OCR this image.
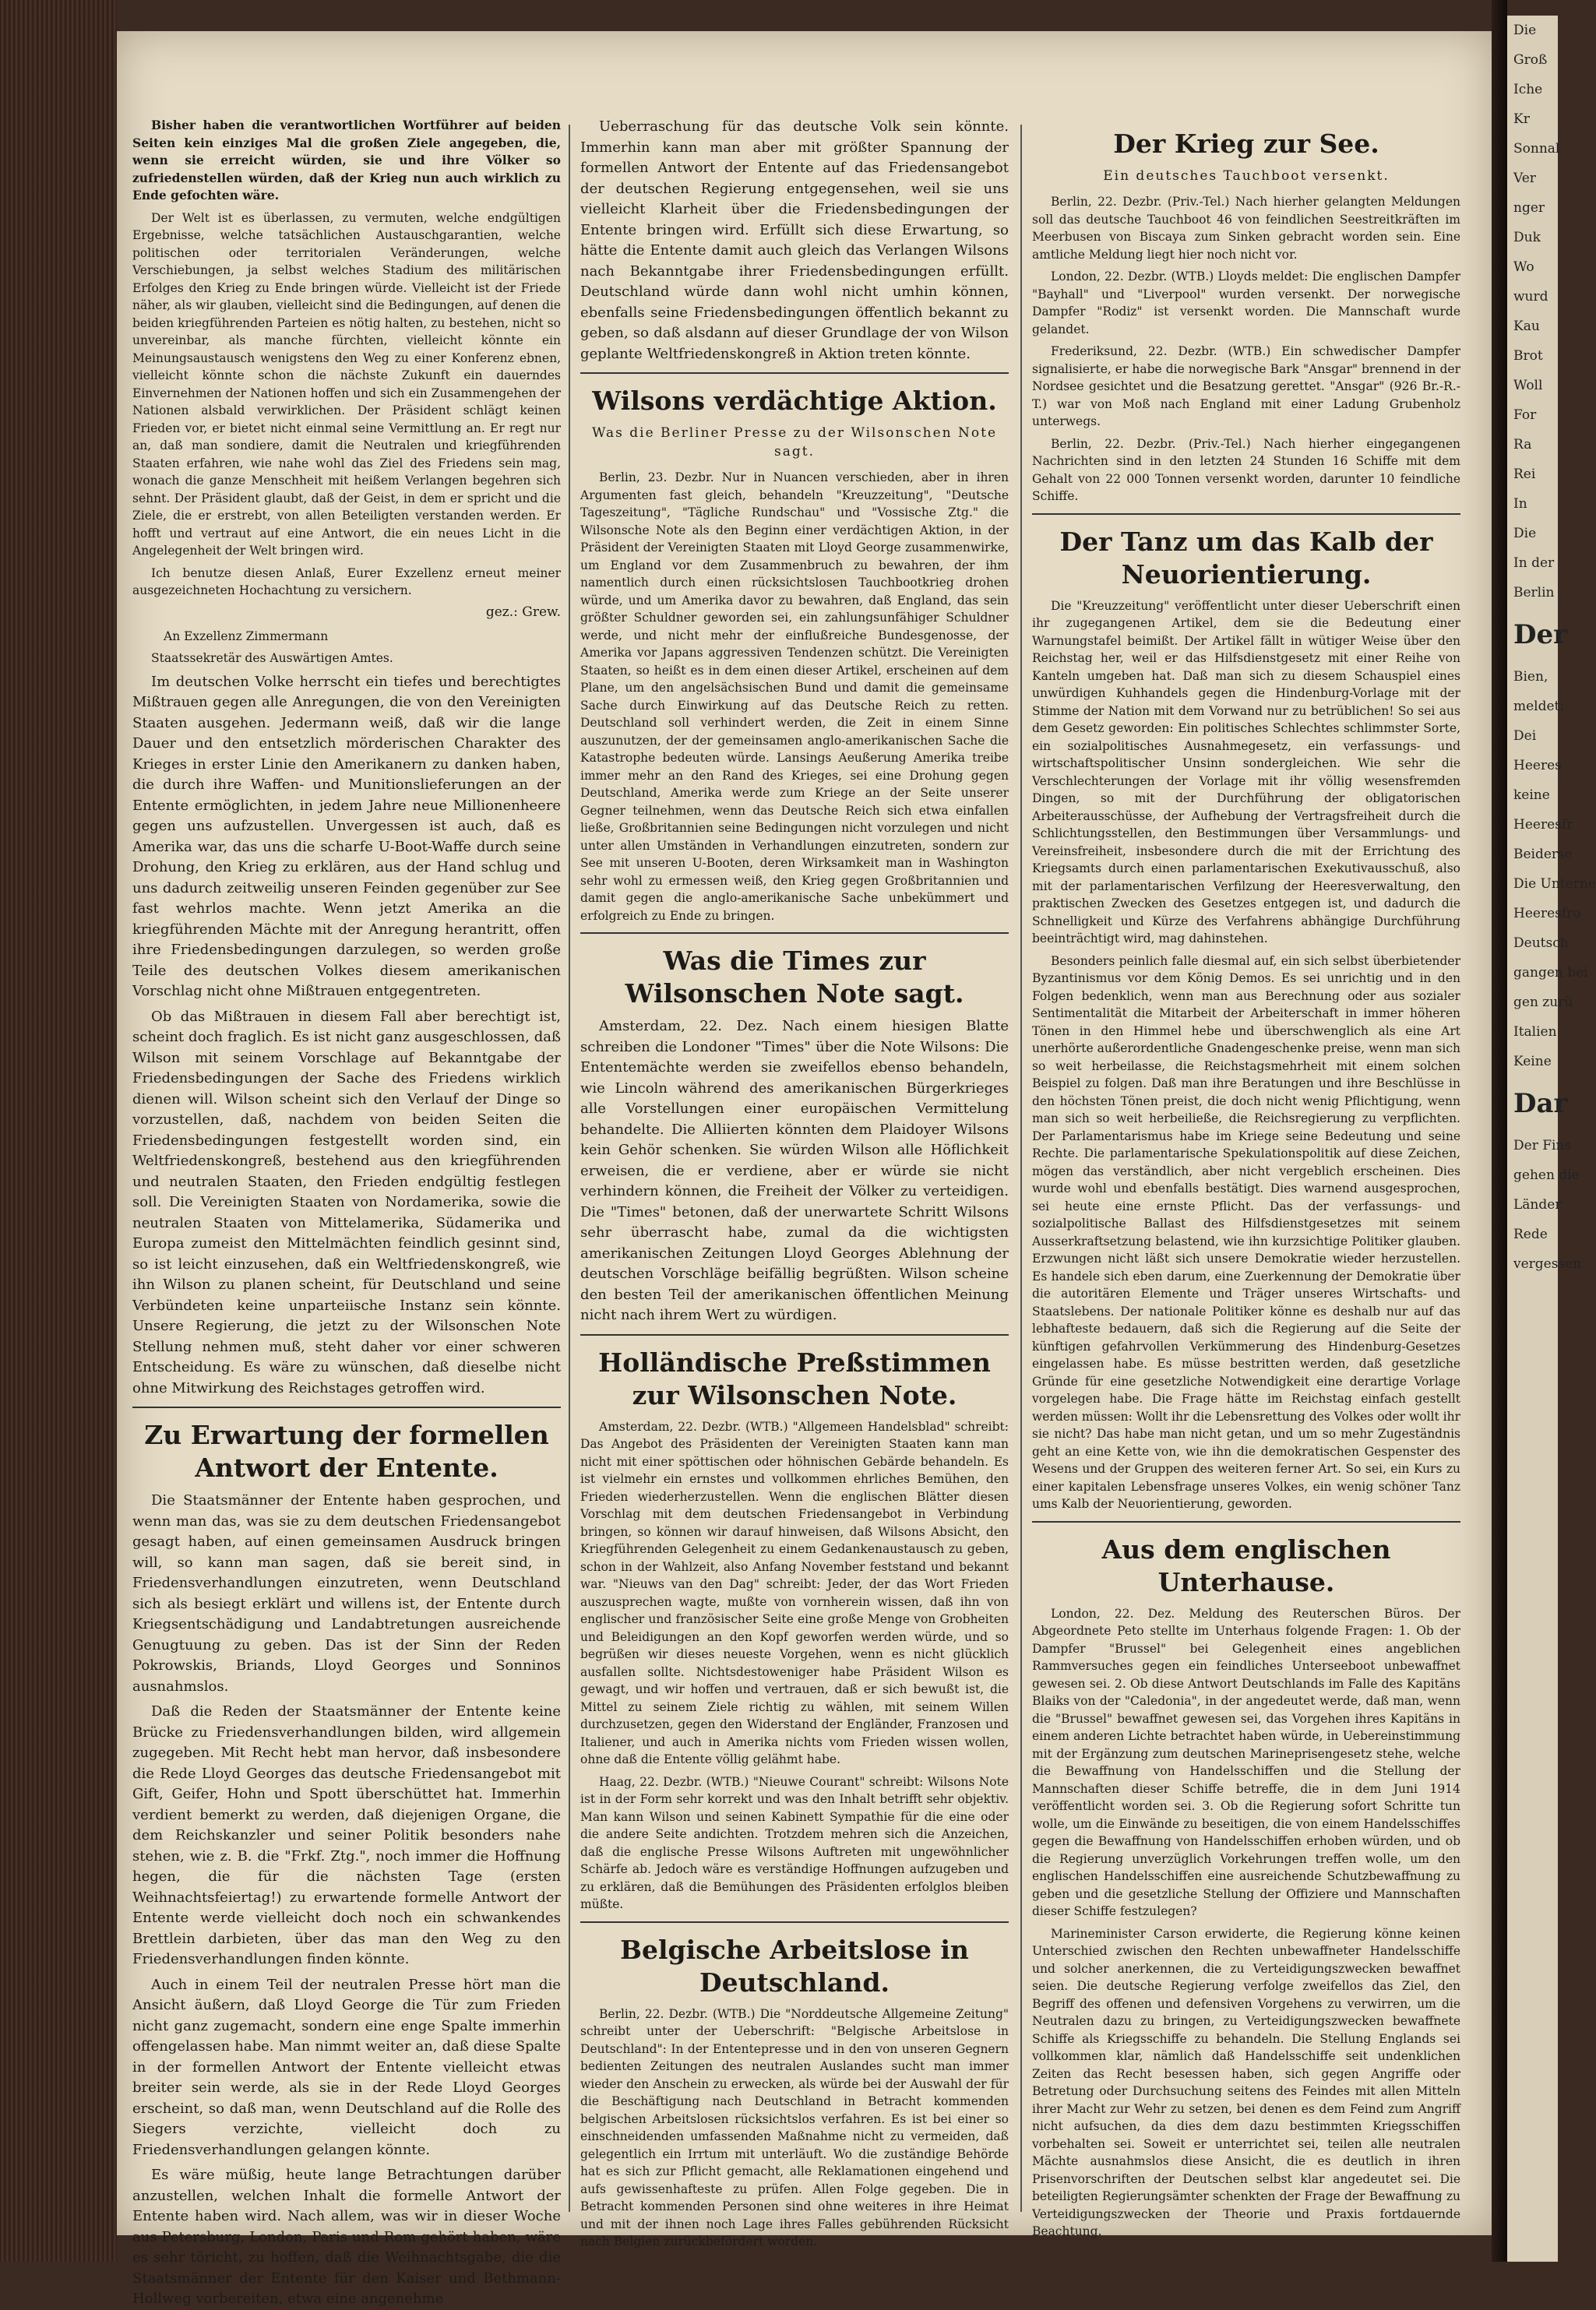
Bisher haben die verantwortlichen Wortführer auf beiden Seiten kein einziges Mal die großen Ziele angegeben, die, wenn sie erreicht würden, sie und ihre Völker so zufriedenstellen würden, daß der Krieg nun auch wirklich zu Ende gefochten wäre.

Der Welt ist es überlassen, zu vermuten, welche endgültigen Ergebnisse, welche tatsächlichen Austauschgarantien, welche politischen oder territorialen Veränderungen, welche Verschiebungen, ja selbst welches Stadium des militärischen Erfolges den Krieg zu Ende bringen würde. Vielleicht ist der Friede näher, als wir glauben, vielleicht sind die Bedingungen, auf denen die beiden kriegführenden Parteien es nötig halten, zu bestehen, nicht so unvereinbar, als manche fürchten, vielleicht könnte ein Meinungsaustausch wenigstens den Weg zu einer Konferenz ebnen, vielleicht könnte schon die nächste Zukunft ein dauerndes Einvernehmen der Nationen hoffen und sich ein Zusammengehen der Nationen alsbald verwirklichen. Der Präsident schlägt keinen Frieden vor, er bietet nicht einmal seine Vermittlung an. Er regt nur an, daß man sondiere, damit die Neutralen und kriegführenden Staaten erfahren, wie nahe wohl das Ziel des Friedens sein mag, wonach die ganze Menschheit mit heißem Verlangen begehren sich sehnt. Der Präsident glaubt, daß der Geist, in dem er spricht und die Ziele, die er erstrebt, von allen Beteiligten verstanden werden. Er hofft und vertraut auf eine Antwort, die ein neues Licht in die Angelegenheit der Welt bringen wird.

Ich benutze diesen Anlaß, Eurer Exzellenz erneut meiner ausgezeichneten Hochachtung zu versichern.

gez.: Grew.
An Exzellenz Zimmermann
Staatssekretär des Auswärtigen Amtes.

Im deutschen Volke herrscht ein tiefes und berechtigtes Mißtrauen gegen alle Anregungen, die von den Vereinigten Staaten ausgehen. Jedermann weiß, daß wir die lange Dauer und den entsetzlich mörderischen Charakter des Krieges in erster Linie den Amerikanern zu danken haben, die durch ihre Waffen- und Munitionslieferungen an der Entente ermöglichten, in jedem Jahre neue Millionenheere gegen uns aufzustellen. Unvergessen ist auch, daß es Amerika war, das uns die scharfe U-Boot-Waffe durch seine Drohung, den Krieg zu erklären, aus der Hand schlug und uns dadurch zeitweilig unseren Feinden gegenüber zur See fast wehrlos machte. Wenn jetzt Amerika an die kriegführenden Mächte mit der Anregung herantritt, offen ihre Friedensbedingungen darzulegen, so werden große Teile des deutschen Volkes diesem amerikanischen Vorschlag nicht ohne Mißtrauen entgegentreten.

Ob das Mißtrauen in diesem Fall aber berechtigt ist, scheint doch fraglich. Es ist nicht ganz ausgeschlossen, daß Wilson mit seinem Vorschlage auf Bekanntgabe der Friedensbedingungen der Sache des Friedens wirklich dienen will. Wilson scheint sich den Verlauf der Dinge so vorzustellen, daß, nachdem von beiden Seiten die Friedensbedingungen festgestellt worden sind, ein Weltfriedenskongreß, bestehend aus den kriegführenden und neutralen Staaten, den Frieden endgültig festlegen soll. Die Vereinigten Staaten von Nordamerika, sowie die neutralen Staaten von Mittelamerika, Südamerika und Europa zumeist den Mittelmächten feindlich gesinnt sind, so ist leicht einzusehen, daß ein Weltfriedenskongreß, wie ihn Wilson zu planen scheint, für Deutschland und seine Verbündeten keine unparteiische Instanz sein könnte. Unsere Regierung, die jetzt zu der Wilsonschen Note Stellung nehmen muß, steht daher vor einer schweren Entscheidung. Es wäre zu wünschen, daß dieselbe nicht ohne Mitwirkung des Reichstages getroffen wird.

Zu Erwartung der formellen Antwort der Entente.

Die Staatsmänner der Entente haben gesprochen, und wenn man das, was sie zu dem deutschen Friedensangebot gesagt haben, auf einen gemeinsamen Ausdruck bringen will, so kann man sagen, daß sie bereit sind, in Friedensverhandlungen einzutreten, wenn Deutschland sich als besiegt erklärt und willens ist, der Entente durch Kriegsentschädigung und Landabtretungen ausreichende Genugtuung zu geben. Das ist der Sinn der Reden Pokrowskis, Briands, Lloyd Georges und Sonninos ausnahmslos.

Daß die Reden der Staatsmänner der Entente keine Brücke zu Friedensverhandlungen bilden, wird allgemein zugegeben. Mit Recht hebt man hervor, daß insbesondere die Rede Lloyd Georges das deutsche Friedensangebot mit Gift, Geifer, Hohn und Spott überschüttet hat. Immerhin verdient bemerkt zu werden, daß diejenigen Organe, die dem Reichskanzler und seiner Politik besonders nahe stehen, wie z. B. die "Frkf. Ztg.", noch immer die Hoffnung hegen, die für die nächsten Tage (ersten Weihnachtsfeiertag!) zu erwartende formelle Antwort der Entente werde vielleicht doch noch ein schwankendes Brettlein darbieten, über das man den Weg zu den Friedensverhandlungen finden könnte.

Auch in einem Teil der neutralen Presse hört man die Ansicht äußern, daß Lloyd George die Tür zum Frieden nicht ganz zugemacht, sondern eine enge Spalte immerhin offengelassen habe. Man nimmt weiter an, daß diese Spalte in der formellen Antwort der Entente vielleicht etwas breiter sein werde, als sie in der Rede Lloyd Georges erscheint, so daß man, wenn Deutschland auf die Rolle des Siegers verzichte, vielleicht doch zu Friedensverhandlungen gelangen könnte.

Es wäre müßig, heute lange Betrachtungen darüber anzustellen, welchen Inhalt die formelle Antwort der Entente haben wird. Nach allem, was wir in dieser Woche aus Petersburg, London, Paris und Rom gehört haben, wäre es sehr töricht, zu hoffen, daß die Weihnachtsgabe, die die Staatsmänner der Entente für den Kaiser und Bethmann-Hollweg vorbereiten, etwa eine angenehme

Ueberraschung für das deutsche Volk sein könnte. Immerhin kann man aber mit größter Spannung der formellen Antwort der Entente auf das Friedensangebot der deutschen Regierung entgegensehen, weil sie uns vielleicht Klarheit über die Friedensbedingungen der Entente bringen wird. Erfüllt sich diese Erwartung, so hätte die Entente damit auch gleich das Verlangen Wilsons nach Bekanntgabe ihrer Friedensbedingungen erfüllt. Deutschland würde dann wohl nicht umhin können, ebenfalls seine Friedensbedingungen öffentlich bekannt zu geben, so daß alsdann auf dieser Grundlage der von Wilson geplante Weltfriedenskongreß in Aktion treten könnte.

Wilsons verdächtige Aktion.
Was die Berliner Presse zu der Wilsonschen Note sagt.

Berlin, 23. Dezbr. Nur in Nuancen verschieden, aber in ihren Argumenten fast gleich, behandeln "Kreuzzeitung", "Deutsche Tageszeitung", "Tägliche Rundschau" und "Vossische Ztg." die Wilsonsche Note als den Beginn einer verdächtigen Aktion, in der Präsident der Vereinigten Staaten mit Lloyd George zusammenwirke, um England vor dem Zusammenbruch zu bewahren, der ihm namentlich durch einen rücksichtslosen Tauchbootkrieg drohen würde, und um Amerika davor zu bewahren, daß England, das sein größter Schuldner geworden sei, ein zahlungsunfähiger Schuldner werde, und nicht mehr der einflußreiche Bundesgenosse, der Amerika vor Japans aggressiven Tendenzen schützt. Die Vereinigten Staaten, so heißt es in dem einen dieser Artikel, erscheinen auf dem Plane, um den angelsächsischen Bund und damit die gemeinsame Sache durch Einwirkung auf das Deutsche Reich zu retten. Deutschland soll verhindert werden, die Zeit in einem Sinne auszunutzen, der der gemeinsamen anglo-amerikanischen Sache die Katastrophe bedeuten würde. Lansings Aeußerung Amerika treibe immer mehr an den Rand des Krieges, sei eine Drohung gegen Deutschland, Amerika werde zum Kriege an der Seite unserer Gegner teilnehmen, wenn das Deutsche Reich sich etwa einfallen ließe, Großbritannien seine Bedingungen nicht vorzulegen und nicht unter allen Umständen in Verhandlungen einzutreten, sondern zur See mit unseren U-Booten, deren Wirksamkeit man in Washington sehr wohl zu ermessen weiß, den Krieg gegen Großbritannien und damit gegen die anglo-amerikanische Sache unbekümmert und erfolgreich zu Ende zu bringen.

Was die Times zur Wilsonschen Note sagt.

Amsterdam, 22. Dez. Nach einem hiesigen Blatte schreiben die Londoner "Times" über die Note Wilsons: Die Ententemächte werden sie zweifellos ebenso behandeln, wie Lincoln während des amerikanischen Bürgerkrieges alle Vorstellungen einer europäischen Vermittelung behandelte. Die Alliierten könnten dem Plaidoyer Wilsons kein Gehör schenken. Sie würden Wilson alle Höflichkeit erweisen, die er verdiene, aber er würde sie nicht verhindern können, die Freiheit der Völker zu verteidigen. Die "Times" betonen, daß der unerwartete Schritt Wilsons sehr überrascht habe, zumal da die wichtigsten amerikanischen Zeitungen Lloyd Georges Ablehnung der deutschen Vorschläge beifällig begrüßten. Wilson scheine den besten Teil der amerikanischen öffentlichen Meinung nicht nach ihrem Wert zu würdigen.

Holländische Preßstimmen zur Wilsonschen Note.

Amsterdam, 22. Dezbr. (WTB.) "Allgemeen Handelsblad" schreibt: Das Angebot des Präsidenten der Vereinigten Staaten kann man nicht mit einer spöttischen oder höhnischen Gebärde behandeln. Es ist vielmehr ein ernstes und vollkommen ehrliches Bemühen, den Frieden wiederherzustellen. Wenn die englischen Blätter diesen Vorschlag mit dem deutschen Friedensangebot in Verbindung bringen, so können wir darauf hinweisen, daß Wilsons Absicht, den Kriegführenden Gelegenheit zu einem Gedankenaustausch zu geben, schon in der Wahlzeit, also Anfang November feststand und bekannt war. "Nieuws van den Dag" schreibt: Jeder, der das Wort Frieden auszusprechen wagte, mußte von vornherein wissen, daß ihn von englischer und französischer Seite eine große Menge von Grobheiten und Beleidigungen an den Kopf geworfen werden würde, und so begrüßen wir dieses neueste Vorgehen, wenn es nicht glücklich ausfallen sollte. Nichtsdestoweniger habe Präsident Wilson es gewagt, und wir hoffen und vertrauen, daß er sich bewußt ist, die Mittel zu seinem Ziele richtig zu wählen, mit seinem Willen durchzusetzen, gegen den Widerstand der Engländer, Franzosen und Italiener, und auch in Amerika nichts vom Frieden wissen wollen, ohne daß die Entente völlig gelähmt habe.

Haag, 22. Dezbr. (WTB.) "Nieuwe Courant" schreibt: Wilsons Note ist in der Form sehr korrekt und was den Inhalt betrifft sehr objektiv. Man kann Wilson und seinen Kabinett Sympathie für die eine oder die andere Seite andichten. Trotzdem mehren sich die Anzeichen, daß die englische Presse Wilsons Auftreten mit ungewöhnlicher Schärfe ab. Jedoch wäre es verständige Hoffnungen aufzugeben und zu erklären, daß die Bemühungen des Präsidenten erfolglos bleiben müßte.

Belgische Arbeitslose in Deutschland.

Berlin, 22. Dezbr. (WTB.) Die "Norddeutsche Allgemeine Zeitung" schreibt unter der Ueberschrift: "Belgische Arbeitslose in Deutschland": In der Ententepresse und in den von unseren Gegnern bedienten Zeitungen des neutralen Auslandes sucht man immer wieder den Anschein zu erwecken, als würde bei der Auswahl der für die Beschäftigung nach Deutschland in Betracht kommenden belgischen Arbeitslosen rücksichtslos verfahren. Es ist bei einer so einschneidenden umfassenden Maßnahme nicht zu vermeiden, daß gelegentlich ein Irrtum mit unterläuft. Wo die zuständige Behörde hat es sich zur Pflicht gemacht, alle Reklamationen eingehend und aufs gewissenhafteste zu prüfen. Allen Folge gegeben. Die in Betracht kommenden Personen sind ohne weiteres in ihre Heimat und mit der ihnen noch Lage ihres Falles gebührenden Rücksicht nach Belgien zurückbefördert worden.

Der Krieg zur See.
Ein deutsches Tauchboot versenkt.

Berlin, 22. Dezbr. (Priv.-Tel.) Nach hierher gelangten Meldungen soll das deutsche Tauchboot 46 von feindlichen Seestreitkräften im Meerbusen von Biscaya zum Sinken gebracht worden sein. Eine amtliche Meldung liegt hier noch nicht vor.

London, 22. Dezbr. (WTB.) Lloyds meldet: Die englischen Dampfer "Bayhall" und "Liverpool" wurden versenkt. Der norwegische Dampfer "Rodiz" ist versenkt worden. Die Mannschaft wurde gelandet.

Frederiksund, 22. Dezbr. (WTB.) Ein schwedischer Dampfer signalisierte, er habe die norwegische Bark "Ansgar" brennend in der Nordsee gesichtet und die Besatzung gerettet. "Ansgar" (926 Br.-R.-T.) war von Moß nach England mit einer Ladung Grubenholz unterwegs.

Berlin, 22. Dezbr. (Priv.-Tel.) Nach hierher eingegangenen Nachrichten sind in den letzten 24 Stunden 16 Schiffe mit dem Gehalt von 22 000 Tonnen versenkt worden, darunter 10 feindliche Schiffe.

Der Tanz um das Kalb der Neuorientierung.

Die "Kreuzzeitung" veröffentlicht unter dieser Ueberschrift einen ihr zugegangenen Artikel, dem sie die Bedeutung einer Warnungstafel beimißt. Der Artikel fällt in wütiger Weise über den Reichstag her, weil er das Hilfsdienstgesetz mit einer Reihe von Kanteln umgeben hat. Daß man sich zu diesem Schauspiel eines unwürdigen Kuhhandels gegen die Hindenburg-Vorlage mit der Stimme der Nation mit dem Vorwand nur zu betrüblichen! So sei aus dem Gesetz geworden: Ein politisches Schlechtes schlimmster Sorte, ein sozialpolitisches Ausnahmegesetz, ein verfassungs- und wirtschaftspolitischer Unsinn sondergleichen. Wie sehr die Verschlechterungen der Vorlage mit ihr völlig wesensfremden Dingen, so mit der Durchführung der obligatorischen Arbeiterausschüsse, der Aufhebung der Vertragsfreiheit durch die Schlichtungsstellen, den Bestimmungen über Versammlungs- und Vereinsfreiheit, insbesondere durch die mit der Errichtung des Kriegsamts durch einen parlamentarischen Exekutivausschuß, also mit der parlamentarischen Verfilzung der Heeresverwaltung, den praktischen Zwecken des Gesetzes entgegen ist, und dadurch die Schnelligkeit und Kürze des Verfahrens abhängige Durchführung beeinträchtigt wird, mag dahinstehen.

Besonders peinlich falle diesmal auf, ein sich selbst überbietender Byzantinismus vor dem König Demos. Es sei unrichtig und in den Folgen bedenklich, wenn man aus Berechnung oder aus sozialer Sentimentalität die Mitarbeit der Arbeiterschaft in immer höheren Tönen in den Himmel hebe und überschwenglich als eine Art unerhörte außerordentliche Gnadengeschenke preise, wenn man sich so weit herbeilasse, die Reichstagsmehrheit mit einem solchen Beispiel zu folgen. Daß man ihre Beratungen und ihre Beschlüsse in den höchsten Tönen preist, die doch nicht wenig Pflichtigung, wenn man sich so weit herbeiließe, die Reichsregierung zu verpflichten. Der Parlamentarismus habe im Kriege seine Bedeutung und seine Rechte. Die parlamentarische Spekulationspolitik auf diese Zeichen, mögen das verständlich, aber nicht vergeblich erscheinen. Dies wurde wohl und ebenfalls bestätigt. Dies warnend ausgesprochen, sei heute eine ernste Pflicht. Das der verfassungs- und sozialpolitische Ballast des Hilfsdienstgesetzes mit seinem Ausserkraftsetzung belastend, wie ihn kurzsichtige Politiker glauben. Erzwungen nicht läßt sich unsere Demokratie wieder herzustellen. Es handele sich eben darum, eine Zuerkennung der Demokratie über die autoritären Elemente und Träger unseres Wirtschafts- und Staatslebens. Der nationale Politiker könne es deshalb nur auf das lebhafteste bedauern, daß sich die Regierung auf die Seite der künftigen gefahrvollen Verkümmerung des Hindenburg-Gesetzes eingelassen habe. Es müsse bestritten werden, daß gesetzliche Gründe für eine gesetzliche Notwendigkeit eine derartige Vorlage vorgelegen habe. Die Frage hätte im Reichstag einfach gestellt werden müssen: Wollt ihr die Lebensrettung des Volkes oder wollt ihr sie nicht? Das habe man nicht getan, und um so mehr Zugeständnis geht an eine Kette von, wie ihn die demokratischen Gespenster des Wesens und der Gruppen des weiteren ferner Art. So sei, ein Kurs zu einer kapitalen Lebensfrage unseres Volkes, ein wenig schöner Tanz ums Kalb der Neuorientierung, geworden.

Aus dem englischen Unterhause.

London, 22. Dez. Meldung des Reuterschen Büros. Der Abgeordnete Peto stellte im Unterhaus folgende Fragen: 1. Ob der Dampfer "Brussel" bei Gelegenheit eines angeblichen Rammversuches gegen ein feindliches Unterseeboot unbewaffnet gewesen sei. 2. Ob diese Antwort Deutschlands im Falle des Kapitäns Blaiks von der "Caledonia", in der angedeutet werde, daß man, wenn die "Brussel" bewaffnet gewesen sei, das Vorgehen ihres Kapitäns in einem anderen Lichte betrachtet haben würde, in Uebereinstimmung mit der Ergänzung zum deutschen Marineprisengesetz stehe, welche die Bewaffnung von Handelsschiffen und die Stellung der Mannschaften dieser Schiffe betreffe, die in dem Juni 1914 veröffentlicht worden sei. 3. Ob die Regierung sofort Schritte tun wolle, um die Einwände zu beseitigen, die von einem Handelsschiffes gegen die Bewaffnung von Handelsschiffen erhoben würden, und ob die Regierung unverzüglich Vorkehrungen treffen wolle, um den englischen Handelsschiffen eine ausreichende Schutzbewaffnung zu geben und die gesetzliche Stellung der Offiziere und Mannschaften dieser Schiffe festzulegen?

Marineminister Carson erwiderte, die Regierung könne keinen Unterschied zwischen den Rechten unbewaffneter Handelsschiffe und solcher anerkennen, die zu Verteidigungszwecken bewaffnet seien. Die deutsche Regierung verfolge zweifellos das Ziel, den Begriff des offenen und defensiven Vorgehens zu verwirren, um die Neutralen dazu zu bringen, zu Verteidigungszwecken bewaffnete Schiffe als Kriegsschiffe zu behandeln. Die Stellung Englands sei vollkommen klar, nämlich daß Handelsschiffe seit undenklichen Zeiten das Recht besessen haben, sich gegen Angriffe oder Betretung oder Durchsuchung seitens des Feindes mit allen Mitteln ihrer Macht zur Wehr zu setzen, bei denen es dem Feind zum Angriff nicht aufsuchen, da dies dem dazu bestimmten Kriegsschiffen vorbehalten sei. Soweit er unterrichtet sei, teilen alle neutralen Mächte ausnahmslos diese Ansicht, die es deutlich in ihren Prisenvorschriften der Deutschen selbst klar angedeutet sei. Die beteiligten Regierungsämter schenkten der Frage der Bewaffnung zu Verteidigungszwecken der Theorie und Praxis fortdauernde Beachtung.

Die
Groß
Iche
Kr
Sonnal
Ver
nger
Duk
Wo
wurd
Kau
Brot
Woll
For
Ra
Rei
In
Die
In der
Berlin
Der
Bien,
meldet:
Dei
Heeres
keine
Heeresfr
Beiderse
Die Unterne
Heeresfro
Deutsch
gangen bei
gen zurü
Italien
Keine
Dar
Der Fins
gehen die
Länder
Rede
vergessen
